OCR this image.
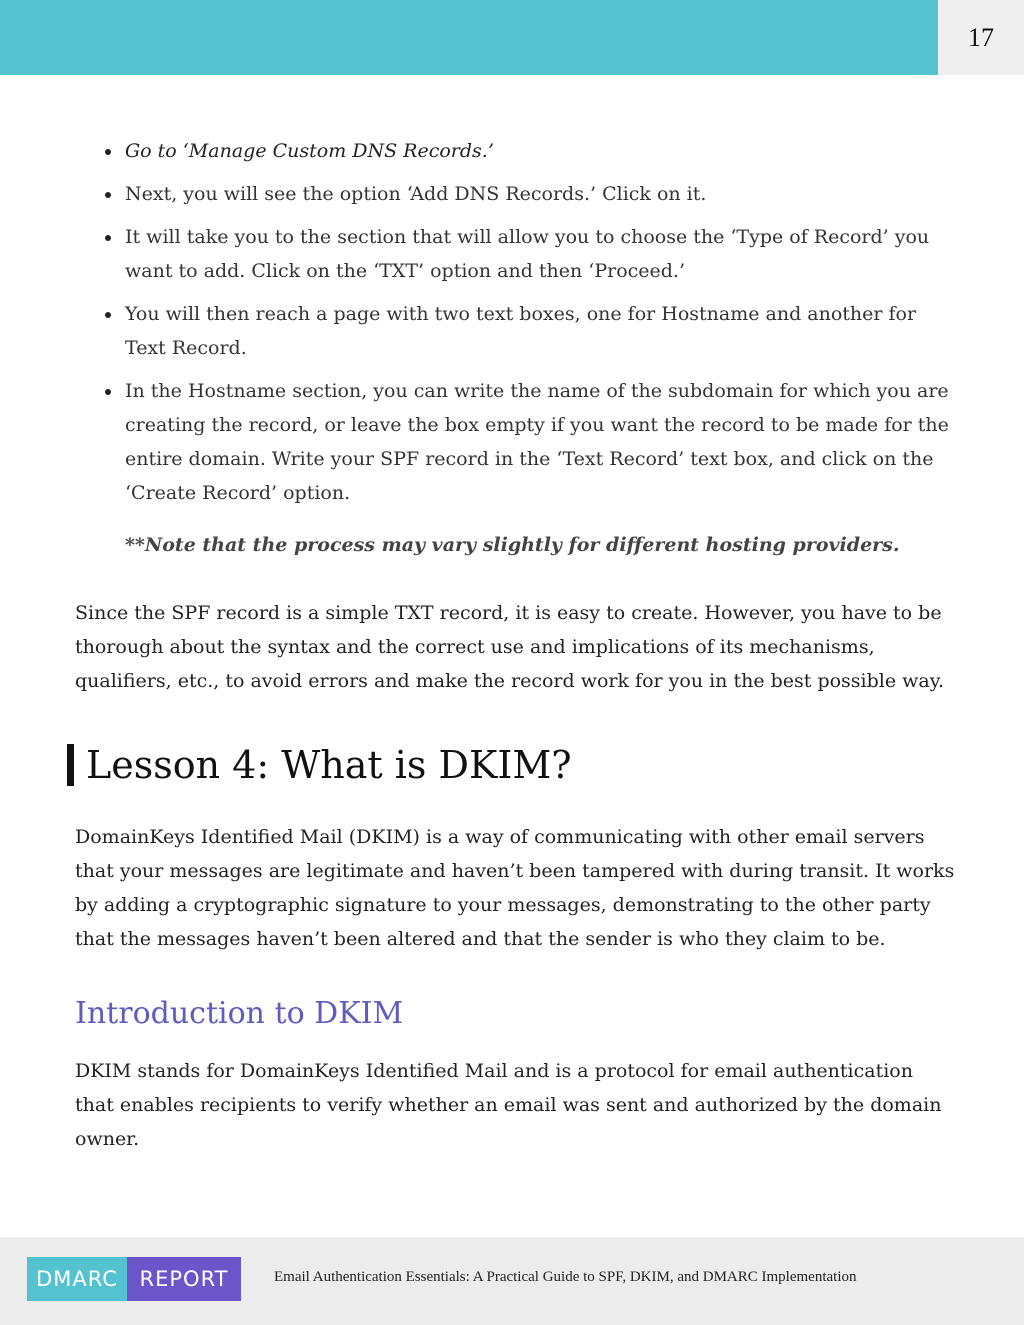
17
Go to ‘Manage Custom DNS Records.’
Next, you will see the option ‘Add DNS Records.’ Click on it.
It will take you to the section that will allow you to choose the ‘Type of Record’ you want to add. Click on the ‘TXT’ option and then ‘Proceed.’
You will then reach a page with two text boxes, one for Hostname and another for Text Record.
In the Hostname section, you can write the name of the subdomain for which you are creating the record, or leave the box empty if you want the record to be made for the entire domain. Write your SPF record in the ‘Text Record’ text box, and click on the ‘Create Record’ option.
**Note that the process may vary slightly for different hosting providers.

Since the SPF record is a simple TXT record, it is easy to create. However, you have to be thorough about the syntax and the correct use and implications of its mechanisms, qualifiers, etc., to avoid errors and make the record work for you in the best possible way.

Lesson 4: What is DKIM?

DomainKeys Identified Mail (DKIM) is a way of communicating with other email servers that your messages are legitimate and haven’t been tampered with during transit. It works by adding a cryptographic signature to your messages, demonstrating to the other party that the messages haven’t been altered and that the sender is who they claim to be.

Introduction to DKIM

DKIM stands for DomainKeys Identified Mail and is a protocol for email authentication that enables recipients to verify whether an email was sent and authorized by the domain owner.

DMARC	REPORT	Email Authentication Essentials: A Practical Guide to SPF, DKIM, and DMARC Implementation
